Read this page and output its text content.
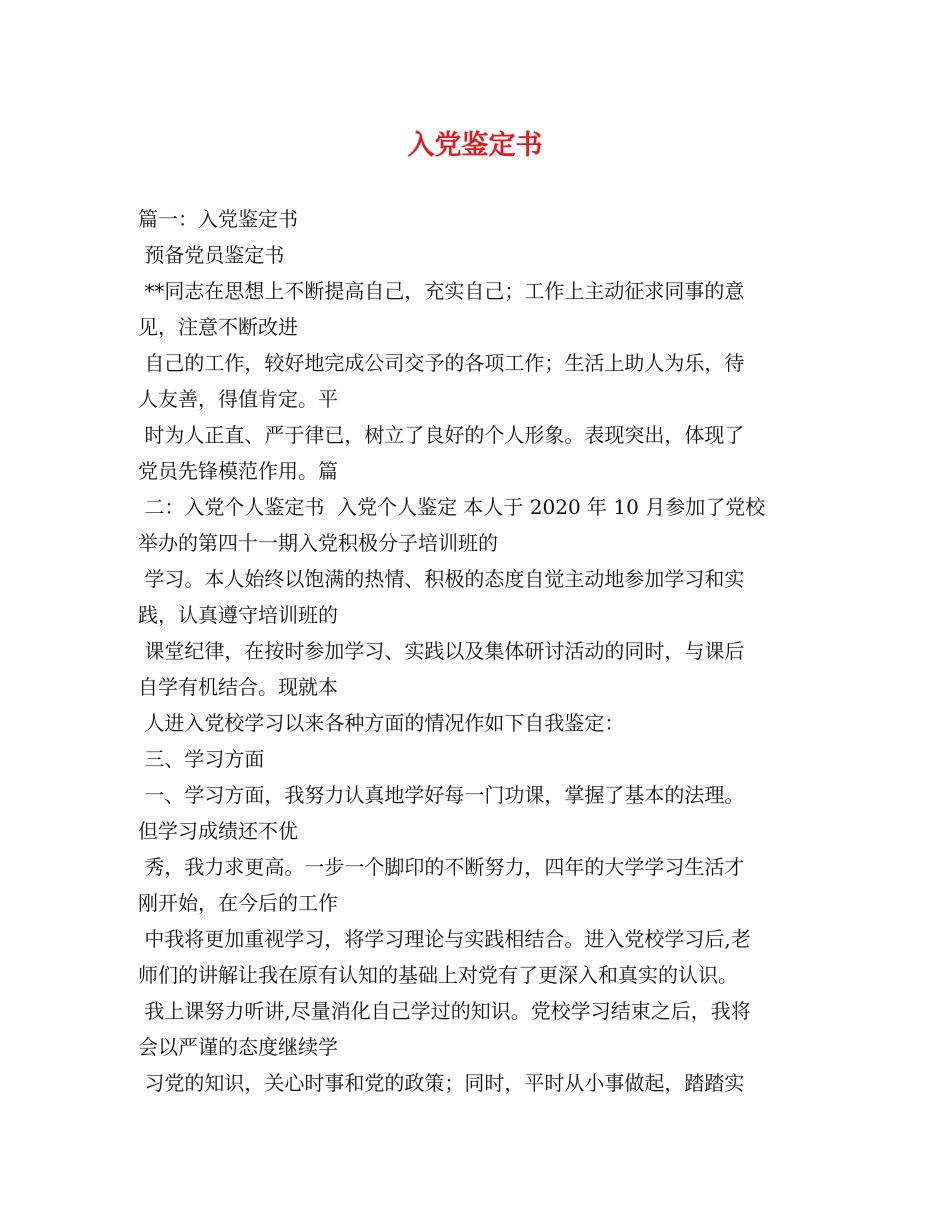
入党鉴定书
篇一：入党鉴定书
预备党员鉴定书
**同志在思想上不断提高自己，充实自己；工作上主动征求同事的意
见，注意不断改进
自己的工作，较好地完成公司交予的各项工作；生活上助人为乐，待
人友善，得值肯定。平
时为人正直、严于律已，树立了良好的个人形象。表现突出，体现了
党员先锋模范作用。篇
二：入党个人鉴定书  入党个人鉴定 本人于 2020 年 10 月参加了党校
举办的第四十一期入党积极分子培训班的
学习。本人始终以饱满的热情、积极的态度自觉主动地参加学习和实
践，认真遵守培训班的
课堂纪律，在按时参加学习、实践以及集体研讨活动的同时，与课后
自学有机结合。现就本
人进入党校学习以来各种方面的情况作如下自我鉴定：
三、学习方面
一、学习方面，我努力认真地学好每一门功课，掌握了基本的法理。
但学习成绩还不优
秀，我力求更高。一步一个脚印的不断努力，四年的大学学习生活才
刚开始，在今后的工作
中我将更加重视学习，将学习理论与实践相结合。进入党校学习后,老
师们的讲解让我在原有认知的基础上对党有了更深入和真实的认识。
我上课努力听讲,尽量消化自己学过的知识。党校学习结束之后，我将
会以严谨的态度继续学
习党的知识，关心时事和党的政策；同时，平时从小事做起，踏踏实
